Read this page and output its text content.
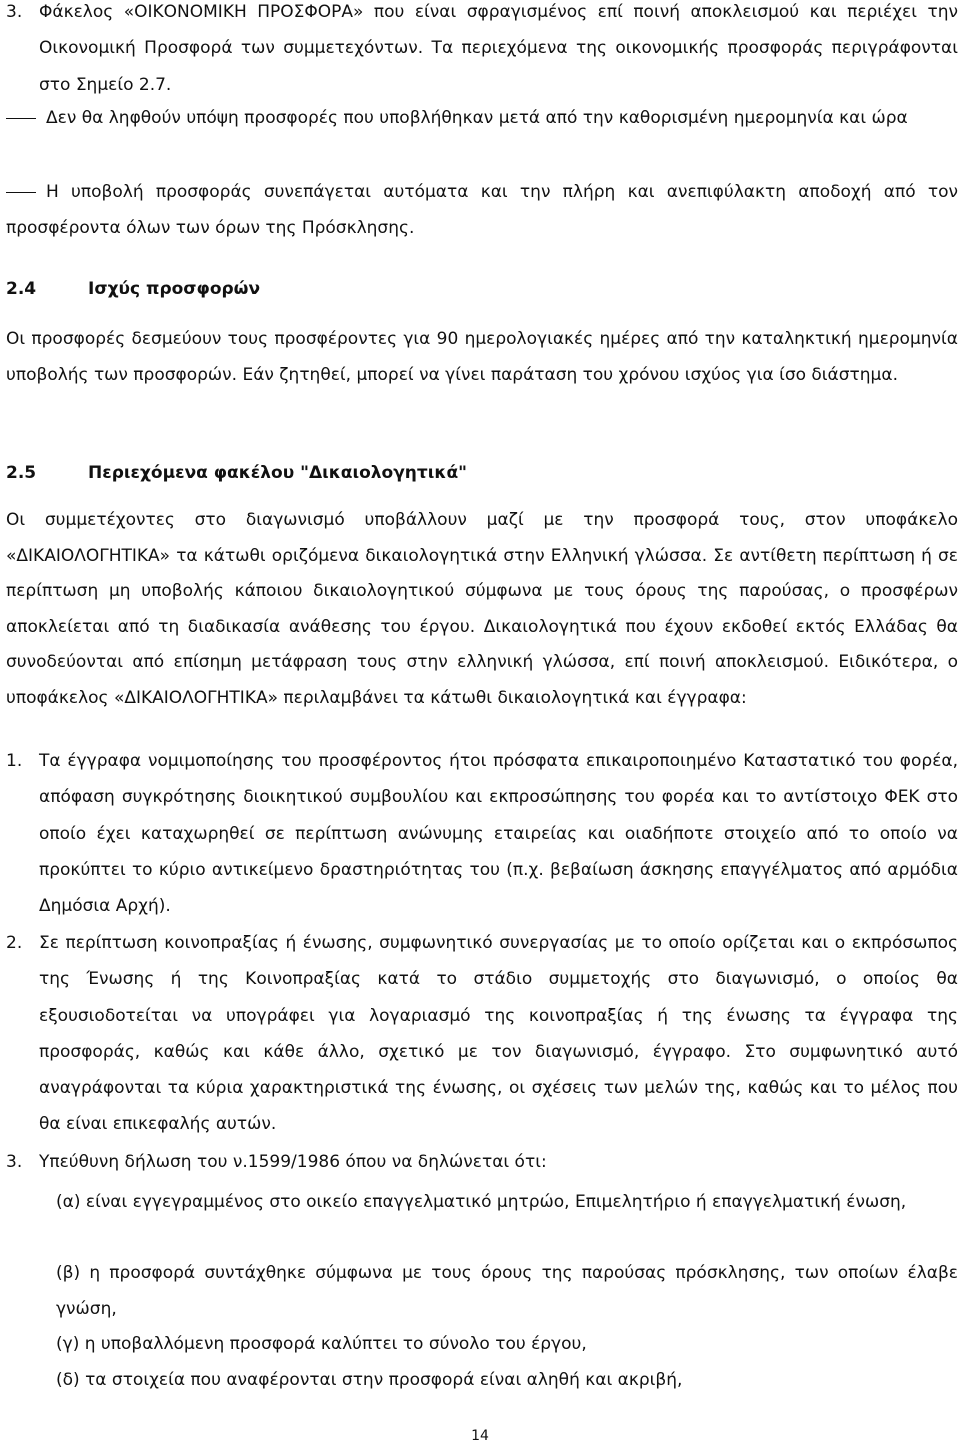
3. Φάκελος «ΟΙΚΟΝΟΜΙΚΗ ΠΡΟΣΦΟΡΑ» που είναι σφραγισμένος επί ποινή αποκλεισμού και περιέχει την Οικονομική Προσφορά των συμμετεχόντων. Τα περιεχόμενα της οικονομικής προσφοράς περιγράφονται στο Σημείο 2.7.

Δεν θα ληφθούν υπόψη προσφορές που υποβλήθηκαν μετά από την καθορισμένη ημερομηνία και ώρα

Η υποβολή προσφοράς συνεπάγεται αυτόματα και την πλήρη και ανεπιφύλακτη αποδοχή από τον προσφέροντα όλων των όρων της Πρόσκλησης.

2.4	Ισχύς προσφορών

Οι προσφορές δεσμεύουν τους προσφέροντες για 90 ημερολογιακές ημέρες από την καταληκτική ημερομηνία υποβολής των προσφορών. Εάν ζητηθεί, μπορεί να γίνει παράταση του χρόνου ισχύος για ίσο διάστημα.

2.5	Περιεχόμενα φακέλου "Δικαιολογητικά"

Οι συμμετέχοντες στο διαγωνισμό υποβάλλουν μαζί με την προσφορά τους, στον υποφάκελο «ΔΙΚΑΙΟΛΟΓΗΤΙΚΑ» τα κάτωθι οριζόμενα δικαιολογητικά στην Ελληνική γλώσσα. Σε αντίθετη περίπτωση ή σε περίπτωση μη υποβολής κάποιου δικαιολογητικού σύμφωνα με τους όρους της παρούσας, ο προσφέρων αποκλείεται από τη διαδικασία ανάθεσης του έργου. Δικαιολογητικά που έχουν εκδοθεί εκτός Ελλάδας θα συνοδεύονται από επίσημη μετάφραση τους στην ελληνική γλώσσα, επί ποινή αποκλεισμού. Ειδικότερα, ο υποφάκελος «ΔΙΚΑΙΟΛΟΓΗΤΙΚΑ» περιλαμβάνει τα κάτωθι δικαιολογητικά και έγγραφα:

1. Τα έγγραφα νομιμοποίησης του προσφέροντος ήτοι πρόσφατα επικαιροποιημένο Καταστατικό του φορέα, απόφαση συγκρότησης διοικητικού συμβουλίου και εκπροσώπησης του φορέα και το αντίστοιχο ΦΕΚ στο οποίο έχει καταχωρηθεί σε περίπτωση ανώνυμης εταιρείας και οιαδήποτε στοιχείο από το οποίο να προκύπτει το κύριο αντικείμενο δραστηριότητας του (π.χ. βεβαίωση άσκησης επαγγέλματος από αρμόδια Δημόσια Αρχή).

2. Σε περίπτωση κοινοπραξίας ή ένωσης, συμφωνητικό συνεργασίας με το οποίο ορίζεται και ο εκπρόσωπος της Ένωσης ή της Κοινοπραξίας κατά το στάδιο συμμετοχής στο διαγωνισμό, ο οποίος θα εξουσιοδοτείται να υπογράφει για λογαριασμό της κοινοπραξίας ή της ένωσης τα έγγραφα της προσφοράς, καθώς και κάθε άλλο, σχετικό με τον διαγωνισμό, έγγραφο. Στο συμφωνητικό αυτό αναγράφονται τα κύρια χαρακτηριστικά της ένωσης, οι σχέσεις των μελών της, καθώς και το μέλος που θα είναι επικεφαλής αυτών.

3. Υπεύθυνη δήλωση του ν.1599/1986 όπου να δηλώνεται ότι:

(α) είναι εγγεγραμμένος στο οικείο επαγγελματικό μητρώο, Επιμελητήριο ή επαγγελματική ένωση,

(β) η προσφορά συντάχθηκε σύμφωνα με τους όρους της παρούσας πρόσκλησης, των οποίων έλαβε γνώση,

(γ) η υποβαλλόμενη προσφορά καλύπτει το σύνολο του έργου,

(δ) τα στοιχεία που αναφέρονται στην προσφορά είναι αληθή και ακριβή,

14
